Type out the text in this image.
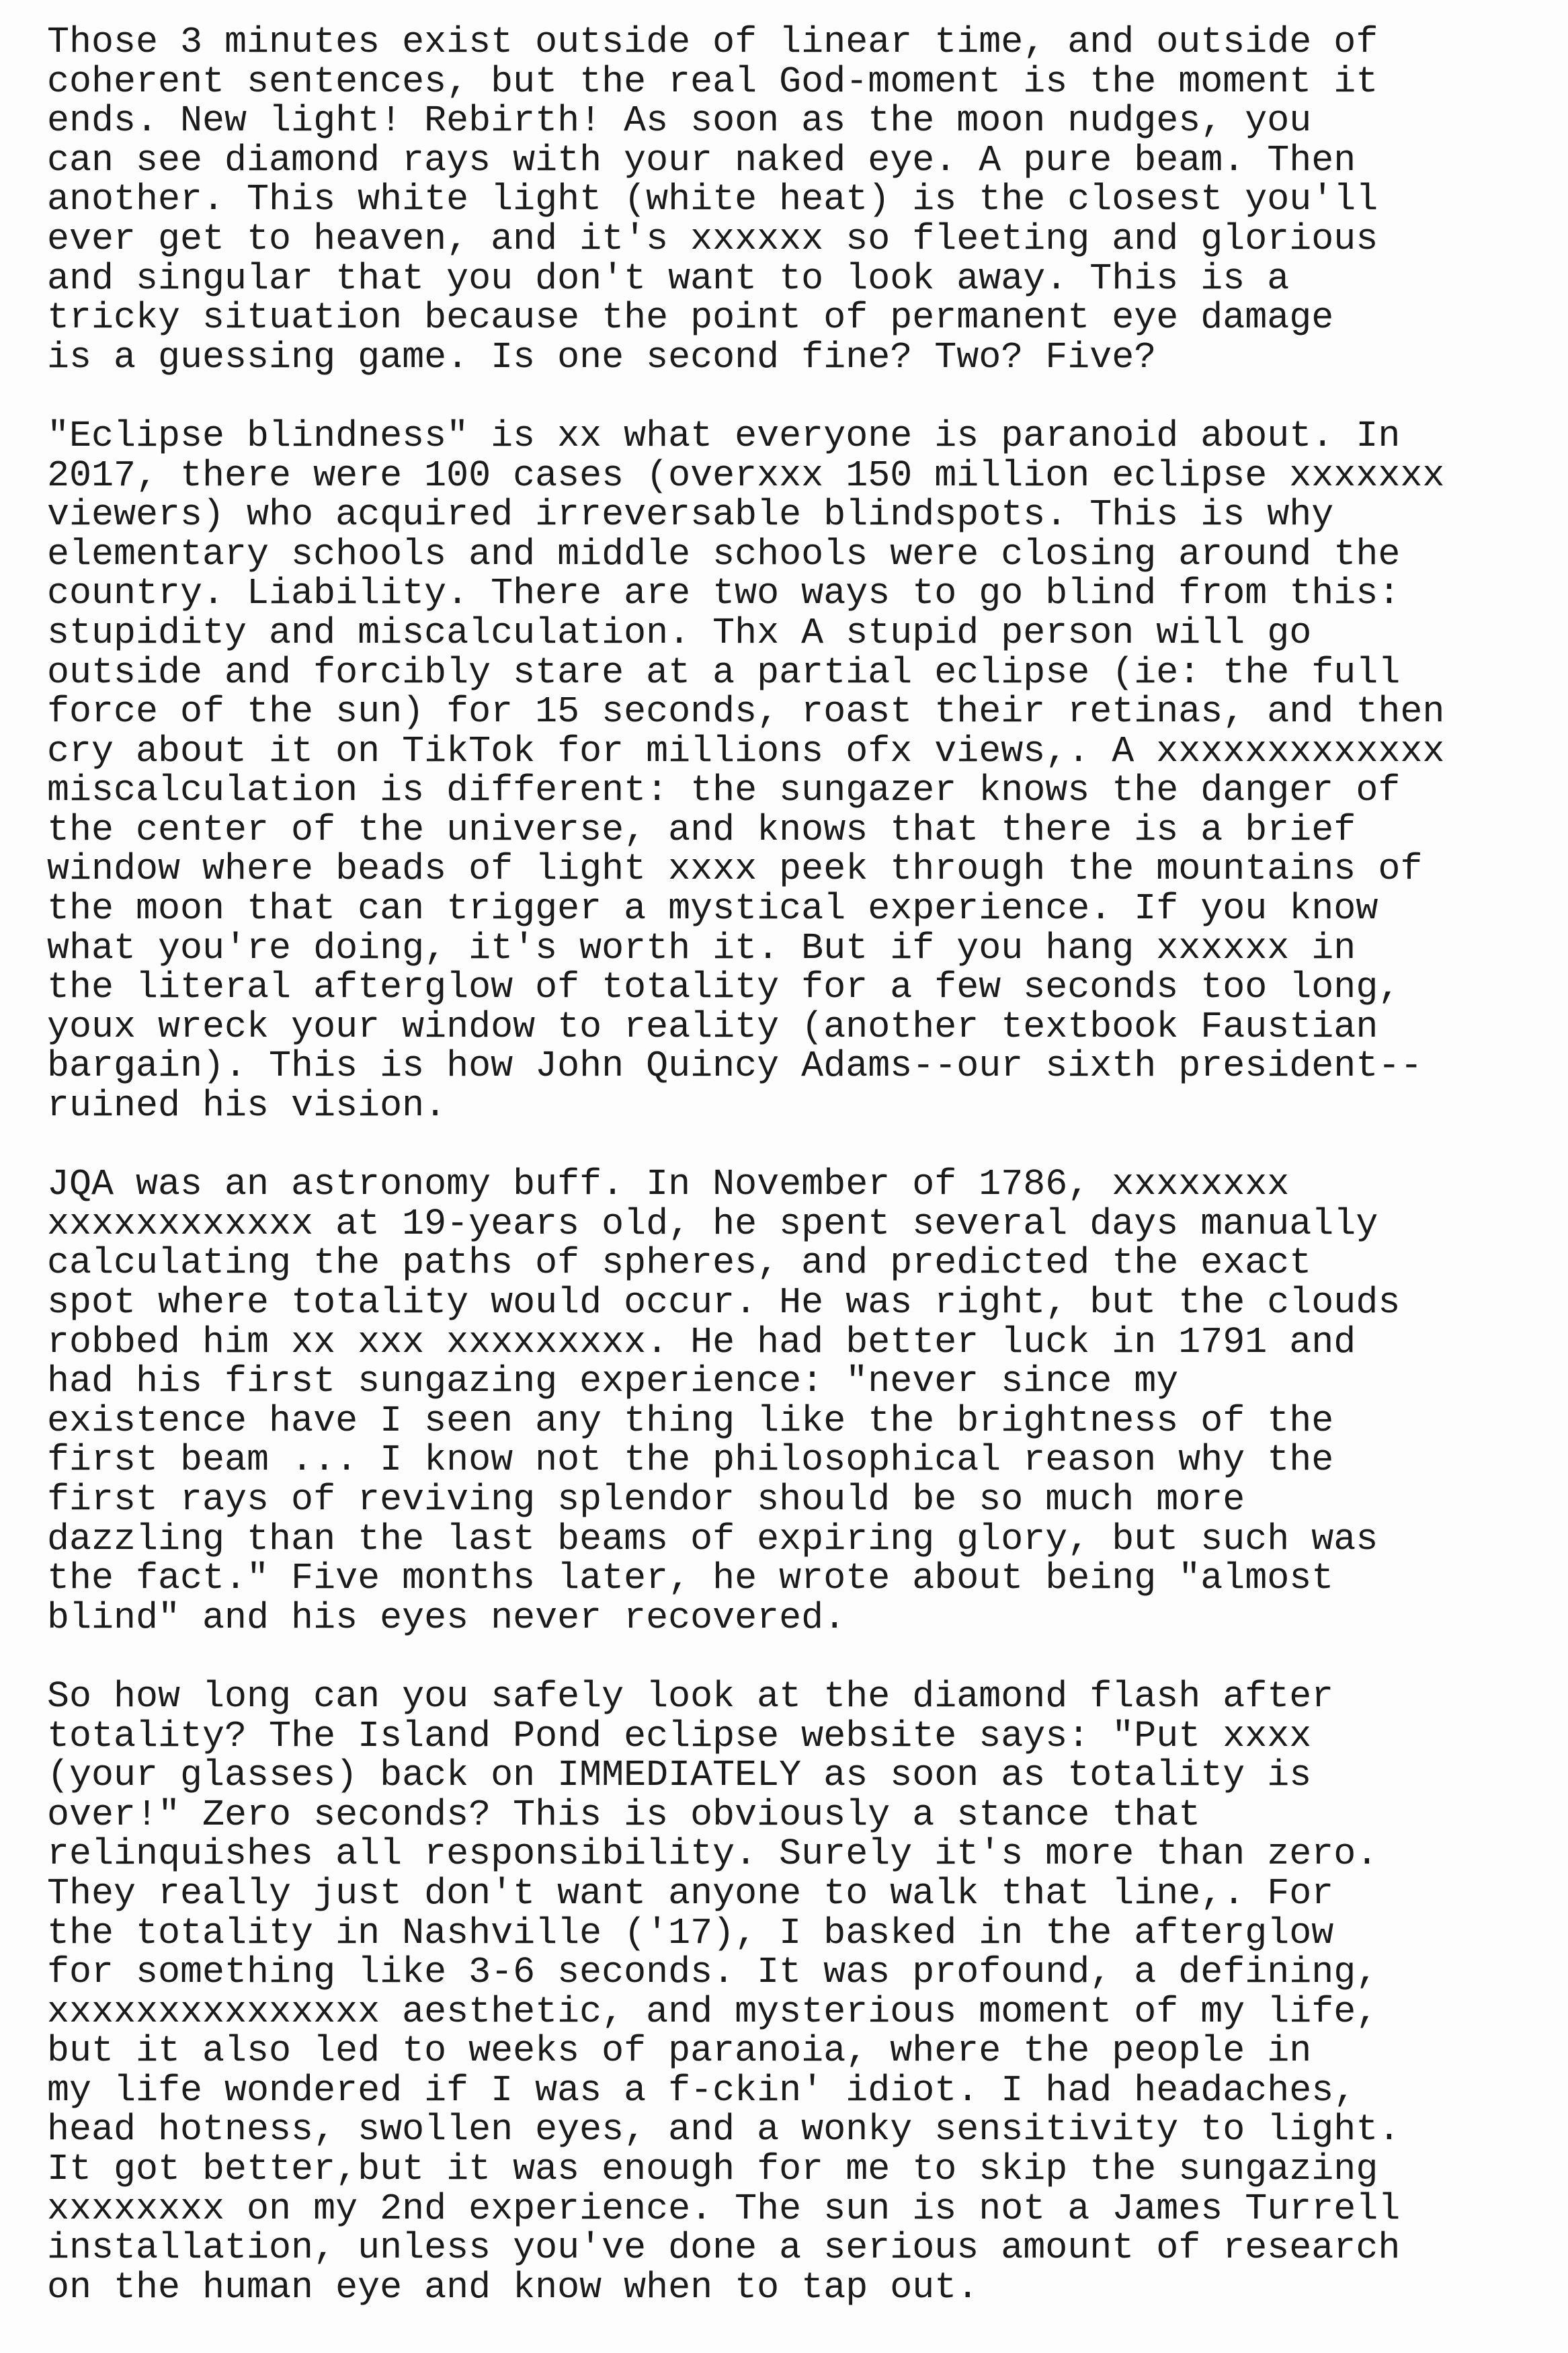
Those 3 minutes exist outside of linear time, and outside of
coherent sentences, but the real God-moment is the moment it
ends. New light! Rebirth! As soon as the moon nudges, you
can see diamond rays with your naked eye. A pure beam. Then
another. This white light (white heat) is the closest you'll
ever get to heaven, and it's xxxxxx so fleeting and glorious
and singular that you don't want to look away. This is a
tricky situation because the point of permanent eye damage
is a guessing game. Is one second fine? Two? Five?
"Eclipse blindness" is xx what everyone is paranoid about. In
2017, there were 100 cases (overxxx 150 million eclipse xxxxxxx
viewers) who acquired irreversable blindspots. This is why
elementary schools and middle schools were closing around the
country. Liability. There are two ways to go blind from this:
stupidity and miscalculation. Thx A stupid person will go
outside and forcibly stare at a partial eclipse (ie: the full
force of the sun) for 15 seconds, roast their retinas, and then
cry about it on TikTok for millions ofx views,. A xxxxxxxxxxxxx
miscalculation is different: the sungazer knows the danger of
the center of the universe, and knows that there is a brief
window where beads of light xxxx peek through the mountains of
the moon that can trigger a mystical experience. If you know
what you're doing, it's worth it. But if you hang xxxxxx in
the literal afterglow of totality for a few seconds too long,
youx wreck your window to reality (another textbook Faustian
bargain). This is how John Quincy Adams--our sixth president--
ruined his vision.
JQA was an astronomy buff. In November of 1786, xxxxxxxx
xxxxxxxxxxxx at 19-years old, he spent several days manually
calculating the paths of spheres, and predicted the exact
spot where totality would occur. He was right, but the clouds
robbed him xx xxx xxxxxxxxx. He had better luck in 1791 and
had his first sungazing experience: "never since my
existence have I seen any thing like the brightness of the
first beam ... I know not the philosophical reason why the
first rays of reviving splendor should be so much more
dazzling than the last beams of expiring glory, but such was
the fact." Five months later, he wrote about being "almost
blind" and his eyes never recovered.
So how long can you safely look at the diamond flash after
totality? The Island Pond eclipse website says: "Put xxxx
(your glasses) back on IMMEDIATELY as soon as totality is
over!" Zero seconds? This is obviously a stance that
relinquishes all responsibility. Surely it's more than zero.
They really just don't want anyone to walk that line,. For
the totality in Nashville ('17), I basked in the afterglow
for something like 3-6 seconds. It was profound, a defining,
xxxxxxxxxxxxxxx aesthetic, and mysterious moment of my life,
but it also led to weeks of paranoia, where the people in
my life wondered if I was a f-ckin' idiot. I had headaches,
head hotness, swollen eyes, and a wonky sensitivity to light.
It got better,but it was enough for me to skip the sungazing
xxxxxxxx on my 2nd experience. The sun is not a James Turrell
installation, unless you've done a serious amount of research
on the human eye and know when to tap out.
